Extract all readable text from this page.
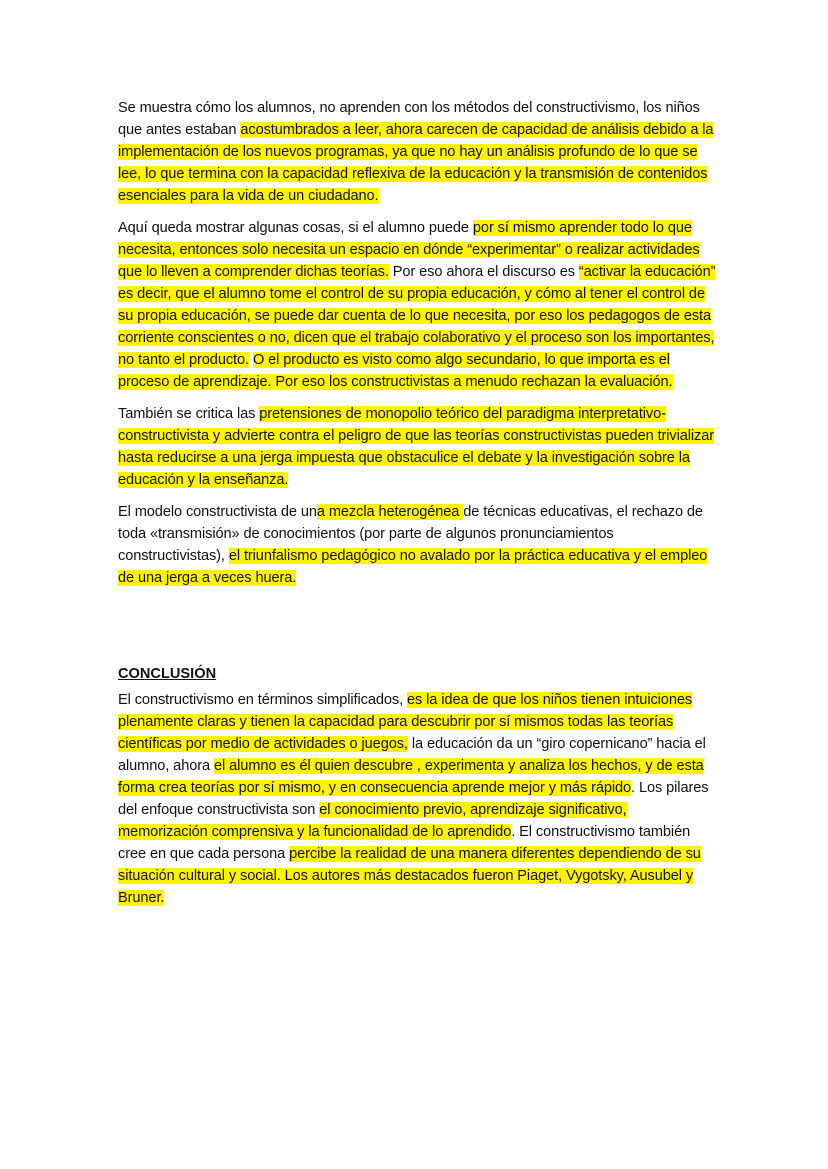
Se muestra cómo los alumnos, no aprenden con los métodos del constructivismo, los niños que antes estaban acostumbrados a leer, ahora carecen de capacidad de análisis debido a la implementación de los nuevos programas, ya que no hay un análisis profundo de lo que se lee, lo que termina con la capacidad reflexiva de la educación y la transmisión de contenidos esenciales para la vida de un ciudadano.

Aquí queda mostrar algunas cosas, si el alumno puede por sí mismo aprender todo lo que necesita, entonces solo necesita un espacio en dónde “experimentar” o realizar actividades que lo lleven a comprender dichas teorías. Por eso ahora el discurso es “activar la educación” es decir, que el alumno tome el control de su propia educación, y cómo al tener el control de su propia educación, se puede dar cuenta de lo que necesita, por eso los pedagogos de esta corriente conscientes o no, dicen que el trabajo colaborativo y el proceso son los importantes, no tanto el producto. O el producto es visto como algo secundario, lo que importa es el proceso de aprendizaje. Por eso los constructivistas a menudo rechazan la evaluación.

También se critica las pretensiones de monopolio teórico del paradigma interpretativo-constructivista y advierte contra el peligro de que las teorías constructivistas pueden trivializar hasta reducirse a una jerga impuesta que obstaculice el debate y la investigación sobre la educación y la enseñanza.

El modelo constructivista de una mezcla heterogénea de técnicas educativas, el rechazo de toda «transmisión» de conocimientos (por parte de algunos pronunciamientos constructivistas), el triunfalismo pedagógico no avalado por la práctica educativa y el empleo de una jerga a veces huera.

CONCLUSIÓN

El constructivismo en términos simplificados, es la idea de que los niños tienen intuiciones plenamente claras y tienen la capacidad para descubrir por sí mismos todas las teorías científicas por medio de actividades o juegos, la educación da un “giro copernicano” hacia el alumno, ahora el alumno es él quien descubre , experimenta y analiza los hechos, y de esta forma crea teorías por sí mismo, y en consecuencia aprende mejor y más rápido. Los pilares del enfoque constructivista son el conocimiento previo, aprendizaje significativo, memorización comprensiva y la funcionalidad de lo aprendido. El constructivismo también cree en que cada persona percibe la realidad de una manera diferentes dependiendo de su situación cultural y social. Los autores más destacados fueron Piaget, Vygotsky, Ausubel y Bruner.
